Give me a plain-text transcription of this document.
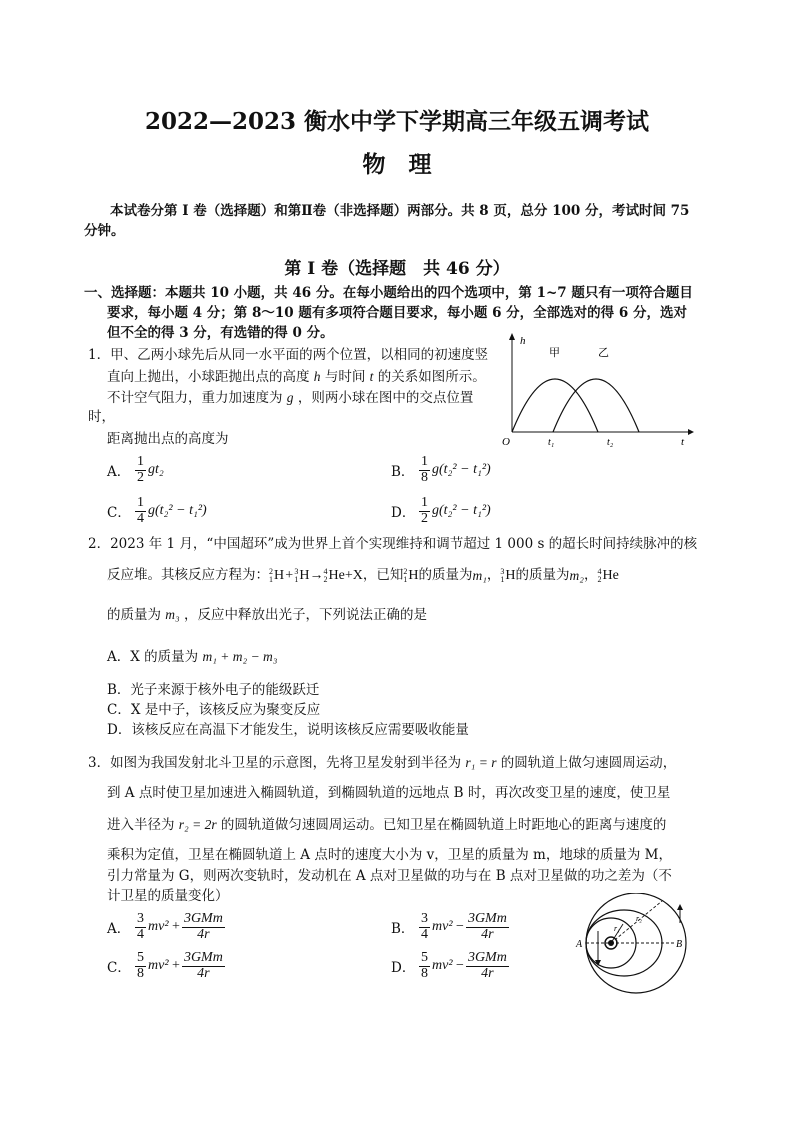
2022—2023 衡水中学下学期高三年级五调考试
物　理
本试卷分第 I 卷（选择题）和第Ⅱ卷（非选择题）两部分。共 8 页，总分 100 分，考试时间 75
分钟。
第 I 卷（选择题　共 46 分）
一、选择题：本题共 10 小题，共 46 分。在每小题给出的四个选项中，第 1~7 题只有一项符合题目
要求，每小题 4 分；第 8～10 题有多项符合题目要求，每小题 6 分，全部选对的得 6 分，选对
但不全的得 3 分，有选错的得 0 分。
1．甲、乙两小球先后从同一水平面的两个位置，以相同的初速度竖
直向上抛出，小球距抛出点的高度 h 与时间 t 的关系如图所示。
不计空气阻力，重力加速度为 g ，则两小球在图中的交点位置
时，
距离抛出点的高度为
h
t
O
甲	乙
t₁	t₂
A． $\frac{1}{2} gt_2$	B． $\frac{1}{8} g(t_2^2 - t_1^2)$
C． $\frac{1}{4} g(t_2^2 - t_1^2)$	D． $\frac{1}{2} g(t_2^2 - t_1^2)$
2．2023 年 1 月，“中国超环”成为世界上首个实现维持和调节超过 1 000 s 的超长时间持续脉冲的核
反应堆。其核反应方程为： 2
1 H  +  3
1 H → 4
2 He + X ，已知 2
1 H 的质量为 m₁ ， 3
1 H 的质量为 m₂ ， 4
2 He
的质量为 m₃ ，反应中释放出光子，下列说法正确的是
A．X 的质量为 m₁ + m₂ − m₃
B．光子来源于核外电子的能级跃迁
C．X 是中子，该核反应为聚变反应
D．该核反应在高温下才能发生，说明该核反应需要吸收能量
3．如图为我国发射北斗卫星的示意图，先将卫星发射到半径为 r₁ = r 的圆轨道上做匀速圆周运动，
到 A 点时使卫星加速进入椭圆轨道，到椭圆轨道的远地点 B 时，再次改变卫星的速度，使卫星
进入半径为 r₂ = 2r 的圆轨道做匀速圆周运动。已知卫星在椭圆轨道上时距地心的距离与速度的
乘积为定值，卫星在椭圆轨道上 A 点时的速度大小为 v，卫星的质量为 m，地球的质量为 M，
引力常量为 G，则两次变轨时，发动机在 A 点对卫星做的功与在 B 点对卫星做的功之差为（不
计卫星的质量变化）
A	B
r₁
r₂
A． $\frac{3}{4} mv^2$
+ $\frac{\text{3GMm}}{4r}$	B． $\frac{3}{4} mv^2$
− $\frac{\text{3GMm}}{4r}$
C． $\frac{5}{8} mv^2$
+ $\frac{\text{3GMm}}{4r}$	D． $\frac{5}{8} mv^2$
− $\frac{\text{3GMm}}{4r}$
